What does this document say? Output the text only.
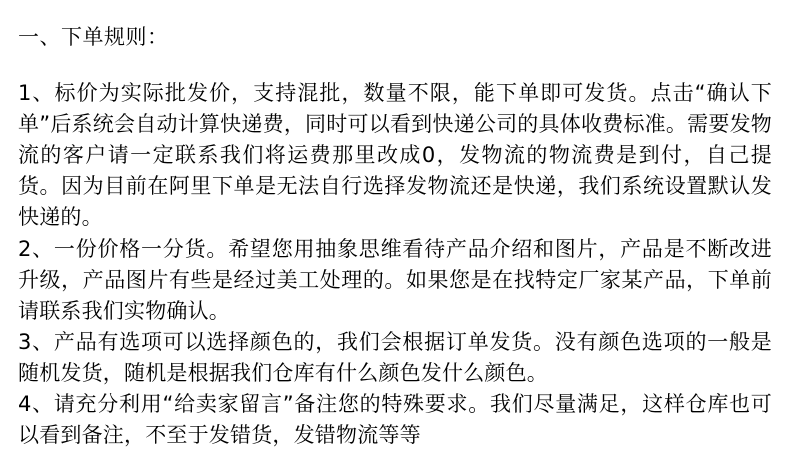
一、下单规则：

1、标价为实际批发价，支持混批，数量不限，能下单即可发货。点击“确认下单”后系统会自动计算快递费，同时可以看到快递公司的具体收费标准。需要发物流的客户请一定联系我们将运费那里改成0，发物流的物流费是到付，自己提货。因为目前在阿里下单是无法自行选择发物流还是快递，我们系统设置默认发快递的。

2、一份价格一分货。希望您用抽象思维看待产品介绍和图片，产品是不断改进升级，产品图片有些是经过美工处理的。如果您是在找特定厂家某产品，下单前请联系我们实物确认。

3、产品有选项可以选择颜色的，我们会根据订单发货。没有颜色选项的一般是随机发货，随机是根据我们仓库有什么颜色发什么颜色。

4、请充分利用“给卖家留言”备注您的特殊要求。我们尽量满足，这样仓库也可以看到备注，不至于发错货，发错物流等等
